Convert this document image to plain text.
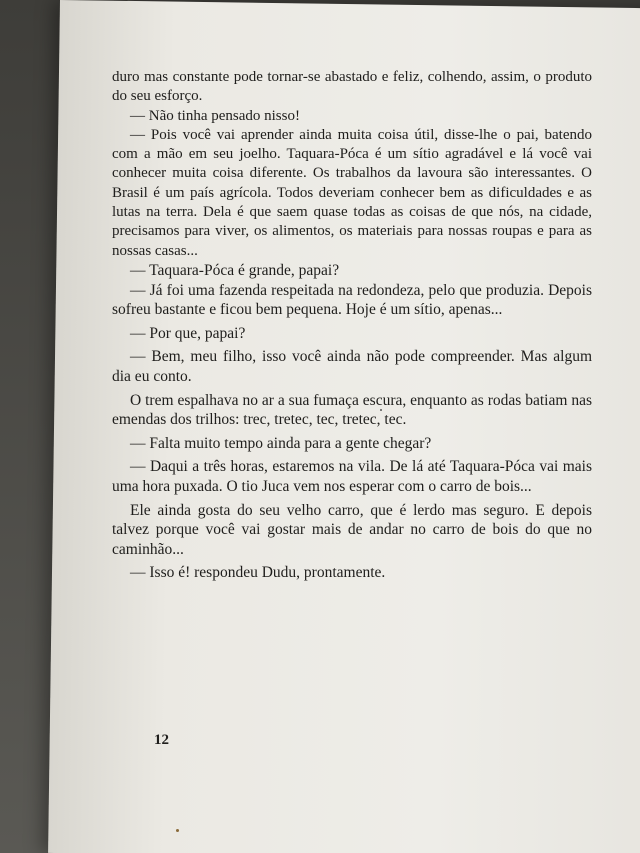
duro mas constante pode tornar-se abastado e feliz, colhendo, assim, o produto do seu esforço.

— Não tinha pensado nisso!

— Pois você vai aprender ainda muita coisa útil, disse-lhe o pai, batendo com a mão em seu joelho. Taquara-Póca é um sítio agradável e lá você vai conhecer muita coisa diferente. Os trabalhos da lavoura são interessantes. O Brasil é um país agrícola. Todos deveriam conhecer bem as dificuldades e as lutas na terra. Dela é que saem quase todas as coisas de que nós, na cidade, precisamos para viver, os alimentos, os materiais para nossas roupas e para as nossas casas...

— Taquara-Póca é grande, papai?

— Já foi uma fazenda respeitada na redondeza, pelo que produzia. Depois sofreu bastante e ficou bem pequena. Hoje é um sítio, apenas...

— Por que, papai?

— Bem, meu filho, isso você ainda não pode compreender. Mas algum dia eu conto.

O trem espalhava no ar a sua fumaça escura, enquanto as rodas batiam nas emendas dos trilhos: trec, tretec, tec, tretec, tec.

— Falta muito tempo ainda para a gente chegar?

— Daqui a três horas, estaremos na vila. De lá até Taquara-Póca vai mais uma hora puxada. O tio Juca vem nos esperar com o carro de bois...

Ele ainda gosta do seu velho carro, que é lerdo mas seguro. E depois talvez porque você vai gostar mais de andar no carro de bois do que no caminhão...

— Isso é! respondeu Dudu, prontamente.

12
